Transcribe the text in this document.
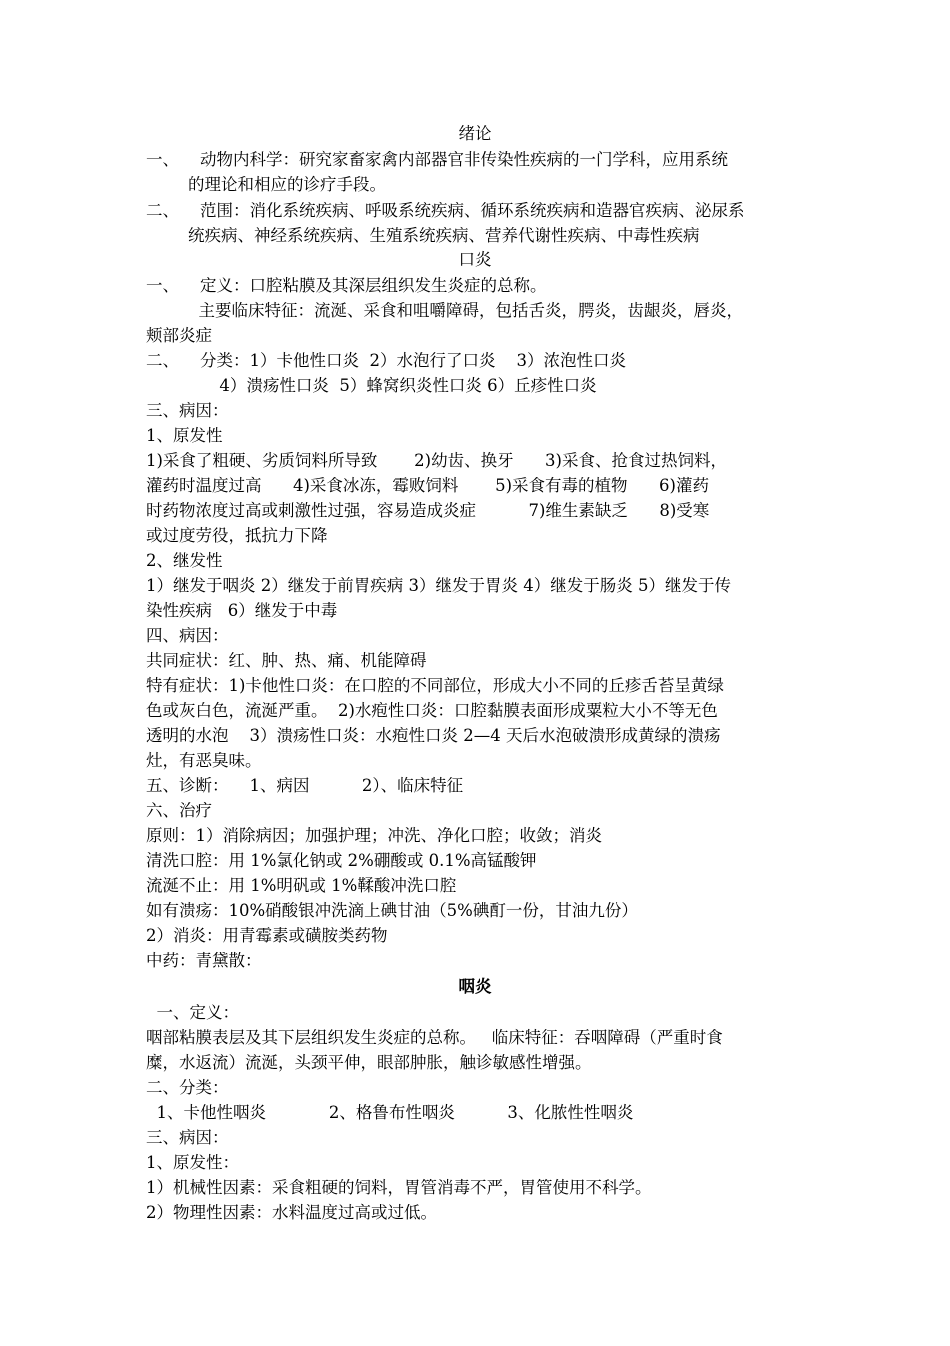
绪论
一、    动物内科学：研究家畜家禽内部器官非传染性疾病的一门学科，应用系统
的理论和相应的诊疗手段。
二、    范围：消化系统疾病、呼吸系统疾病、循环系统疾病和造器官疾病、泌尿系
统疾病、神经系统疾病、生殖系统疾病、营养代谢性疾病、中毒性疾病
口炎
一、    定义：口腔粘膜及其深层组织发生炎症的总称。
主要临床特征：流涎、采食和咀嚼障碍，包括舌炎，腭炎，齿龈炎，唇炎，
颊部炎症
二、    分类：1）卡他性口炎  2）水泡行了口炎    3）浓泡性口炎
4）溃疡性口炎  5）蜂窝织炎性口炎 6）丘疹性口炎
三、病因：
1、原发性
1)采食了粗硬、劣质饲料所导致       2)幼齿、换牙      3)采食、抢食过热饲料，
灌药时温度过高      4)采食冰冻，霉败饲料       5)采食有毒的植物      6)灌药
时药物浓度过高或刺激性过强，容易造成炎症          7)维生素缺乏      8)受寒
或过度劳役，抵抗力下降
2、继发性
1）继发于咽炎 2）继发于前胃疾病 3）继发于胃炎 4）继发于肠炎 5）继发于传
染性疾病   6）继发于中毒
四、病因：
共同症状：红、肿、热、痛、机能障碍
特有症状：1)卡他性口炎：在口腔的不同部位，形成大小不同的丘疹舌苔呈黄绿
色或灰白色，流涎严重。  2)水疱性口炎：口腔黏膜表面形成粟粒大小不等无色
透明的水泡    3）溃疡性口炎：水疱性口炎 2—4 天后水泡破溃形成黄绿的溃疡
灶，有恶臭味。
五、诊断：    1、病因          2）、临床特征
六、治疗
原则：1）消除病因；加强护理；冲洗、净化口腔；收敛；消炎
清洗口腔：用 1%氯化钠或 2%硼酸或 0.1%高锰酸钾
流涎不止：用 1%明矾或 1%鞣酸冲洗口腔
如有溃疡：10%硝酸银冲洗滴上碘甘油（5%碘酊一份，甘油九份）
2）消炎：用青霉素或磺胺类药物
中药：青黛散：
咽炎
一、定义：
咽部粘膜表层及其下层组织发生炎症的总称。   临床特征：吞咽障碍（严重时食
糜，水返流）流涎，头颈平伸，眼部肿胀，触诊敏感性增强。
二、分类：
1、卡他性咽炎            2、格鲁布性咽炎          3、化脓性性咽炎
三、病因：
1、原发性：
1）机械性因素：采食粗硬的饲料，胃管消毒不严，胃管使用不科学。
2）物理性因素：水料温度过高或过低。
